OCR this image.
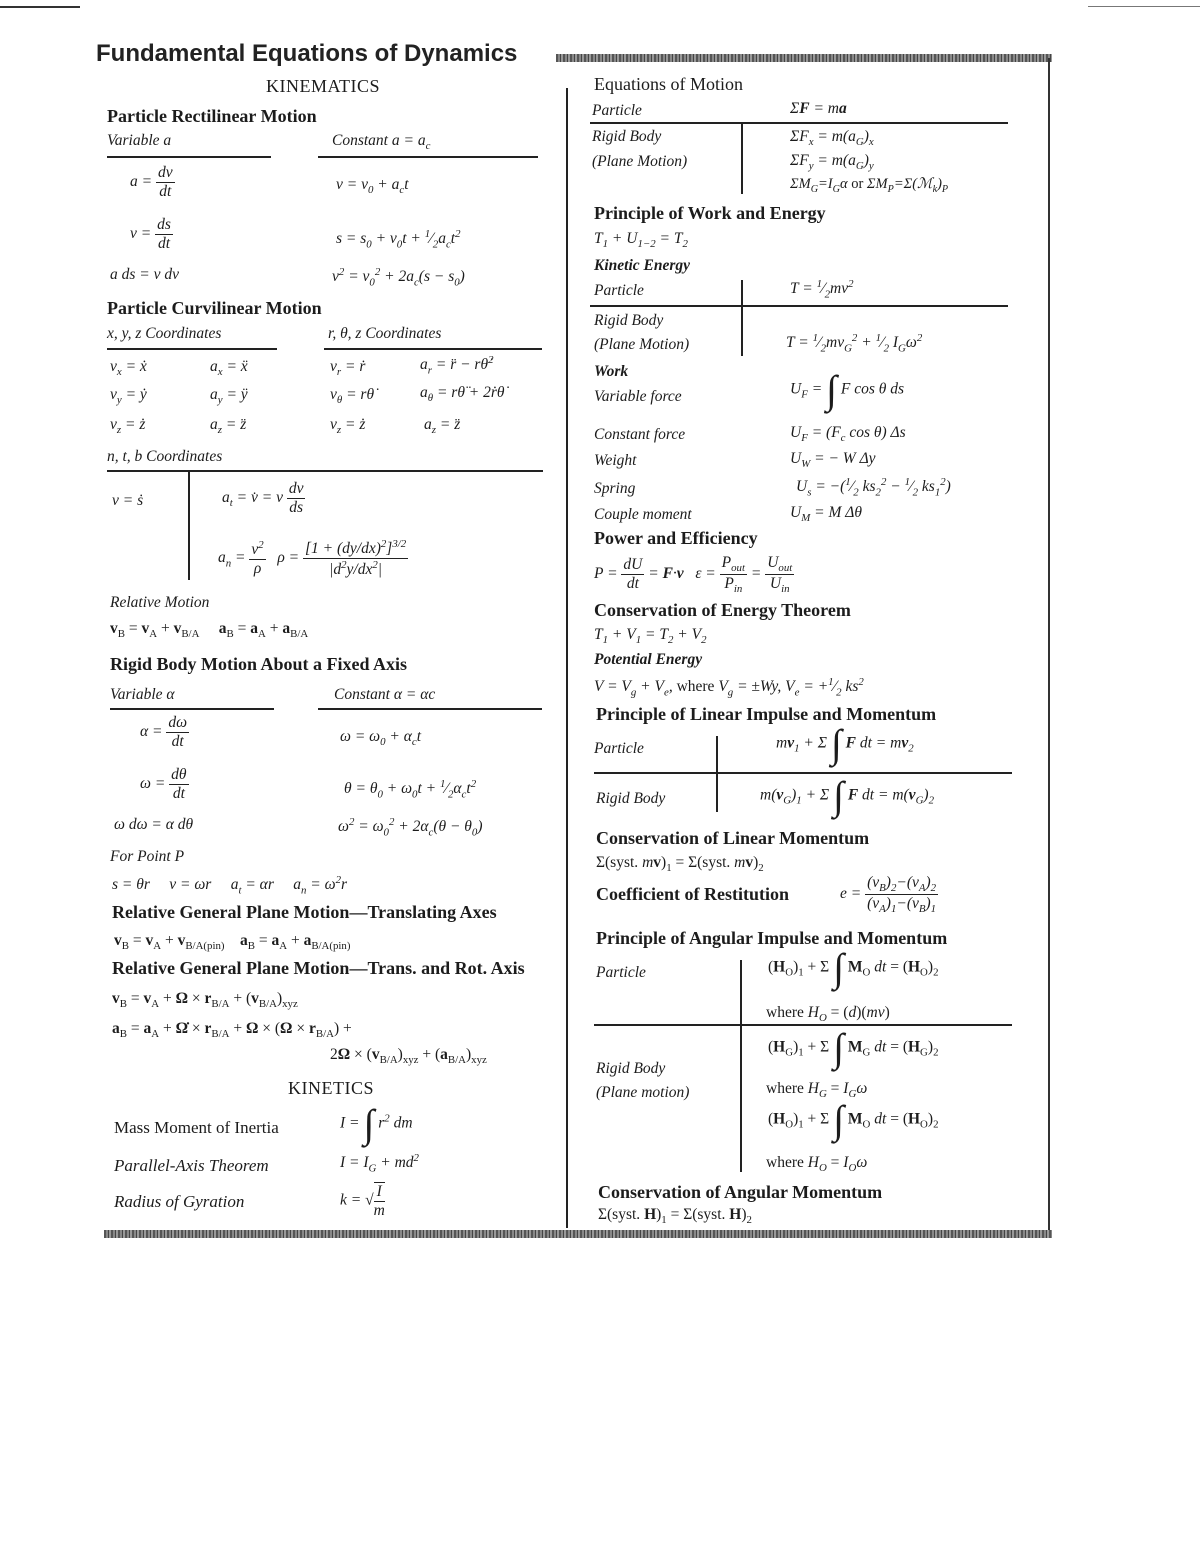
Fundamental Equations of Dynamics
KINEMATICS
Particle Rectilinear Motion
Variable a	Constant $a = a_c$
$a = \frac{dv}{dt}$	$v = v_0 + a_ct$
$v = \frac{ds}{dt}$	$s = s_0 + v_0t$ + $^1⁄_2a_ct^2$
a ds = v dv	$v^2 = v_0^2 + 2a_c(s - s_0)$
Particle Curvilinear Motion
x, y, z Coordinates	r, θ, z Coordinates
$v_x$ = ẋ	$a_x$ = ẍ	$v_r$ = ṙ	$a_r$ = r̈ − rθ̇$^2$
$v_y$ = ẏ	$a_y$ = ÿ	$v_\theta$ = rθ̇	$a_\theta$ = rθ̈ + 2ṙθ̇
$v_z$ = ż	$a_z$ = z̈	$v_z$ = ż	$a_z$ = z̈
n, t, b Coordinates
v = ṡ	$a_t$ = v̇ = v $\frac{dv}{ds}$
$a_n = \frac{v^2}{\rho}$ $\rho = \frac{[1 + (dy/dx)^2]^{3/2}}{|d^2y/dx^2|}$
Relative Motion
$v_B = v_A + v_{B/A}$ $a_B = a_A + a_{B/A}$
Rigid Body Motion About a Fixed Axis
Variable α	Constant α = αc
$\alpha = \frac{d\omega}{dt}$	$\omega = \omega_0 + \alpha_ct$
$\omega = \frac{d\theta}{dt}$	$\theta = \theta_0 + \omega_0t$ + $^1⁄_2\alpha_ct^2$
ω dω = α dθ	$\omega^2 = \omega_0^2 + 2\alpha_c(\theta - \theta_0)$
For Point P
s = θr     v = ωr     $a_t = \alpha r$     $a_n = \omega^2r$
Relative General Plane Motion—Translating Axes
$v_B = v_A + v_{B/A(pin)}$ $a_B = a_A + a_{B/A(pin)}$
Relative General Plane Motion—Trans. and Rot. Axis
$v_B = v_A + \Omega \times r_{B/A} + (v_{B/A})_{xyz}$
$a_B = a_A$ + Ω̇ × $r_{B/A} + \Omega \times (\Omega \times r_{B/A})$ +
$2\Omega \times (v_{B/A})_{xyz} + (a_{B/A})_{xyz}$
KINETICS
Mass Moment of Inertia	I = ∫ $r^2$ dm
Parallel-Axis Theorem	$I = I_G + md^2$
Radius of Gyration	k = √ $\frac{I}{m}$
Equations of Motion
Particle	ΣF = ma
Rigid Body
(Plane Motion)
$\Sigma F_x = m(a_G)_x$
$\Sigma F_y = m(a_G)_y$
$\Sigma M_G=I_G\alpha$ or $\Sigma M_P=\Sigma(ℳ_k)_P$
Principle of Work and Energy
$T_1 + U_{1-2} = T_2$
Kinetic Energy
Particle	$T = ^1⁄_2mv^2$
Rigid Body
(Plane Motion)	$T = ^1⁄_2mv_G^2$ + $^1⁄_2$ $I_G\omega^2$
Work
Variable force	$U_F$ = ∫ F cos θ ds
Constant force	$U_F = (F_c$ cos θ) Δs
Weight	$U_W$ = − W Δy
Spring	$U_s$ = $-(^1⁄_2$ $ks_2^2$ − $^1⁄_2$ $ks_1^2$)
Couple moment	$U_M = M$ Δθ
Power and Efficiency
$P = \frac{dU}{dt} = F\cdot v$   $\varepsilon = \frac{P_{out}}{P_{in}} = \frac{U_{out}}{U_{in}}$
Conservation of Energy Theorem
$T_1 + V_1 = T_2 + V_2$
Potential Energy
$V = V_g + V_e$, where $V_g = \pm Wy$, $V_e$ = $+^1⁄_2$ $ks^2$
Principle of Linear Impulse and Momentum
Particle	$mv_1 + \Sigma$ ∫ F dt = $mv_2$
Rigid Body	$m(v_G)_1 + \Sigma$ ∫ F dt = $m(v_G)_2$
Conservation of Linear Momentum
Σ(syst. $mv)_1$ = Σ(syst. $mv)_2$
Coefficient of Restitution	$e = \frac{(v_B)_2-(v_A)_2}{(v_A)_1-(v_B)_1}$
Principle of Angular Impulse and Momentum
Particle	$(H_O)_1 + \Sigma$ ∫ $M_O$ dt = $(H_O)_2$
where $H_O = (d)(mv)$
Rigid Body
(Plane motion)
$(H_G)_1 + \Sigma$ ∫ $M_G$ dt = $(H_G)_2$
where $H_G = I_G\omega$
$(H_O)_1 + \Sigma$ ∫ $M_O$ dt = $(H_O)_2$
where $H_O = I_O\omega$
Conservation of Angular Momentum
Σ(syst. $H)_1$ = Σ(syst. $H)_2$
